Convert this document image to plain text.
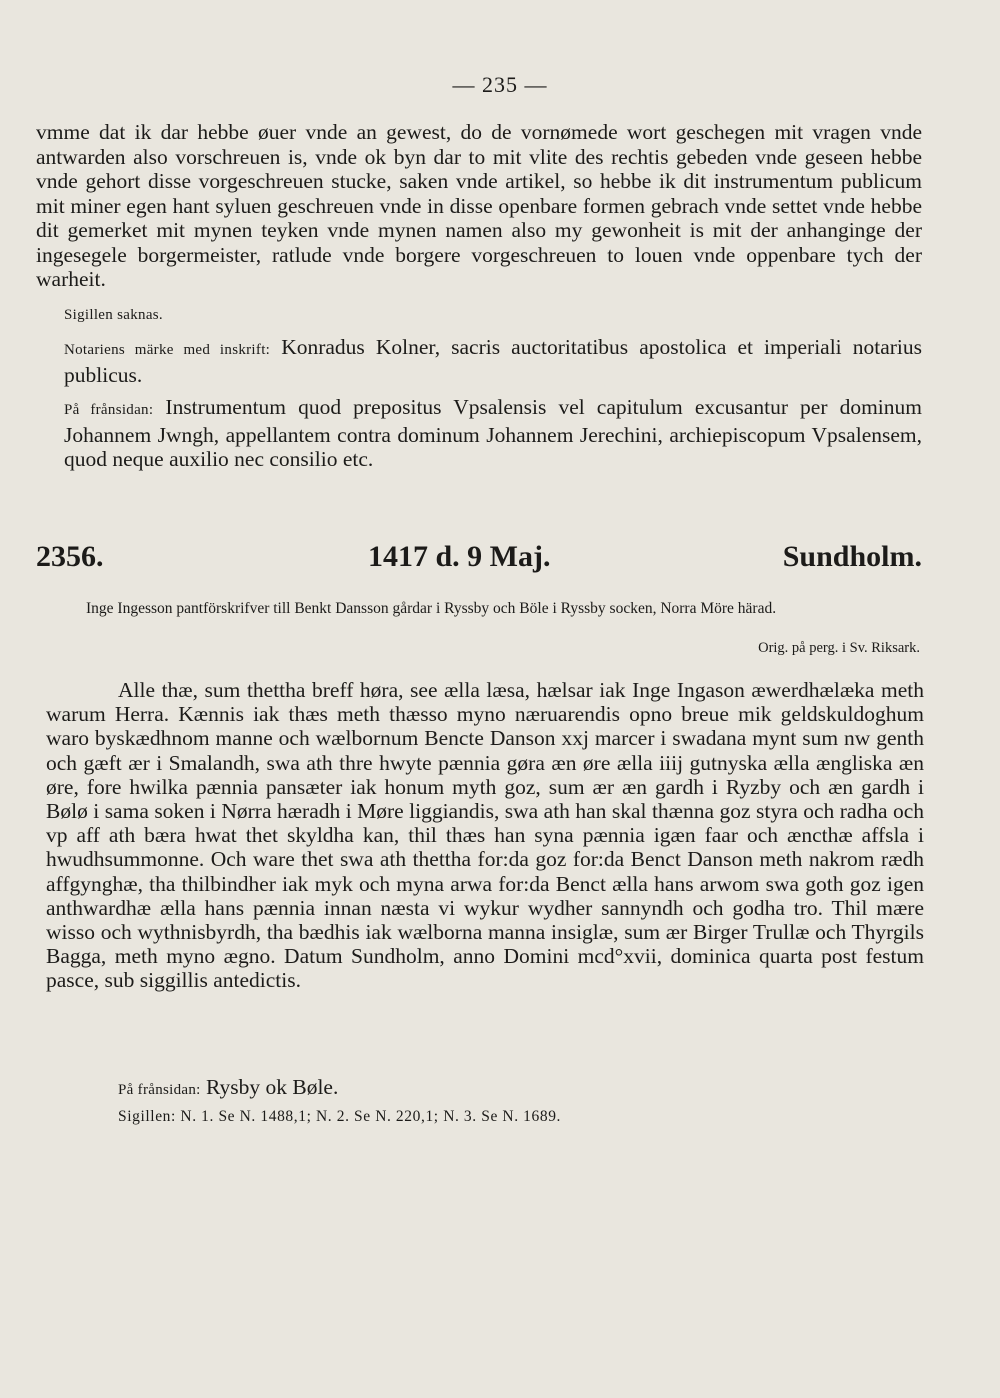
— 235 —

vmme dat ik dar hebbe øuer vnde an gewest, do de vornømede wort geschegen mit vragen vnde antwarden also vorschreuen is, vnde ok byn dar to mit vlite des rechtis gebeden vnde geseen hebbe vnde gehort disse vorgeschreuen stucke, saken vnde artikel, so hebbe ik dit instrumentum publicum mit miner egen hant syluen geschreuen vnde in disse openbare formen gebrach vnde settet vnde hebbe dit gemerket mit mynen teyken vnde mynen namen also my gewonheit is mit der anhanginge der ingesegele borgermeister, ratlude vnde borgere vorgeschreuen to louen vnde oppenbare tych der warheit.

Sigillen saknas.

Notariens märke med inskrift: Konradus Kolner, sacris auctoritatibus apostolica et imperiali notarius publicus.

På frånsidan: Instrumentum quod prepositus Vpsalensis vel capitulum excusantur per dominum Johannem Jwngh, appellantem contra dominum Johannem Jerechini, archiepiscopum Vpsalensem, quod neque auxilio nec consilio etc.

2356.	1417 d. 9 Maj.	Sundholm.

Inge Ingesson pantförskrifver till Benkt Dansson gårdar i Ryssby och Böle i Ryssby socken, Norra Möre härad.

Orig. på perg. i Sv. Riksark.

Alle thæ, sum thettha breff høra, see ælla læsa, hælsar iak Inge Ingason æwerdhælæka meth warum Herra. Kænnis iak thæs meth thæsso myno næruarendis opno breue mik geldskuldoghum waro byskædhnom manne och wælbornum Bencte Danson xxj marcer i swadana mynt sum nw genth och gæft ær i Smalandh, swa ath thre hwyte pænnia gøra æn øre ælla iiij gutnyska ælla ængliska æn øre, fore hwilka pænnia pansæter iak honum myth goz, sum ær æn gardh i Ryzby och æn gardh i Bølø i sama soken i Nørra hæradh i Møre liggiandis, swa ath han skal thænna goz styra och radha och vp aff ath bæra hwat thet skyldha kan, thil thæs han syna pænnia igæn faar och æncthæ affsla i hwudhsummonne. Och ware thet swa ath thettha for:da goz for:da Benct Danson meth nakrom rædh affgynghæ, tha thilbindher iak myk och myna arwa for:da Benct ælla hans arwom swa goth goz igen anthwardhæ ælla hans pænnia innan næsta vi wykur wydher sannyndh och godha tro. Thil mære wisso och wythnisbyrdh, tha bædhis iak wælborna manna insiglæ, sum ær Birger Trullæ och Thyrgils Bagga, meth myno ægno. Datum Sundholm, anno Domini mcd°xvii, dominica quarta post festum pasce, sub siggillis antedictis.

På frånsidan: Rysby ok Bøle.
Sigillen: N. 1. Se N. 1488,1; N. 2. Se N. 220,1; N. 3. Se N. 1689.
